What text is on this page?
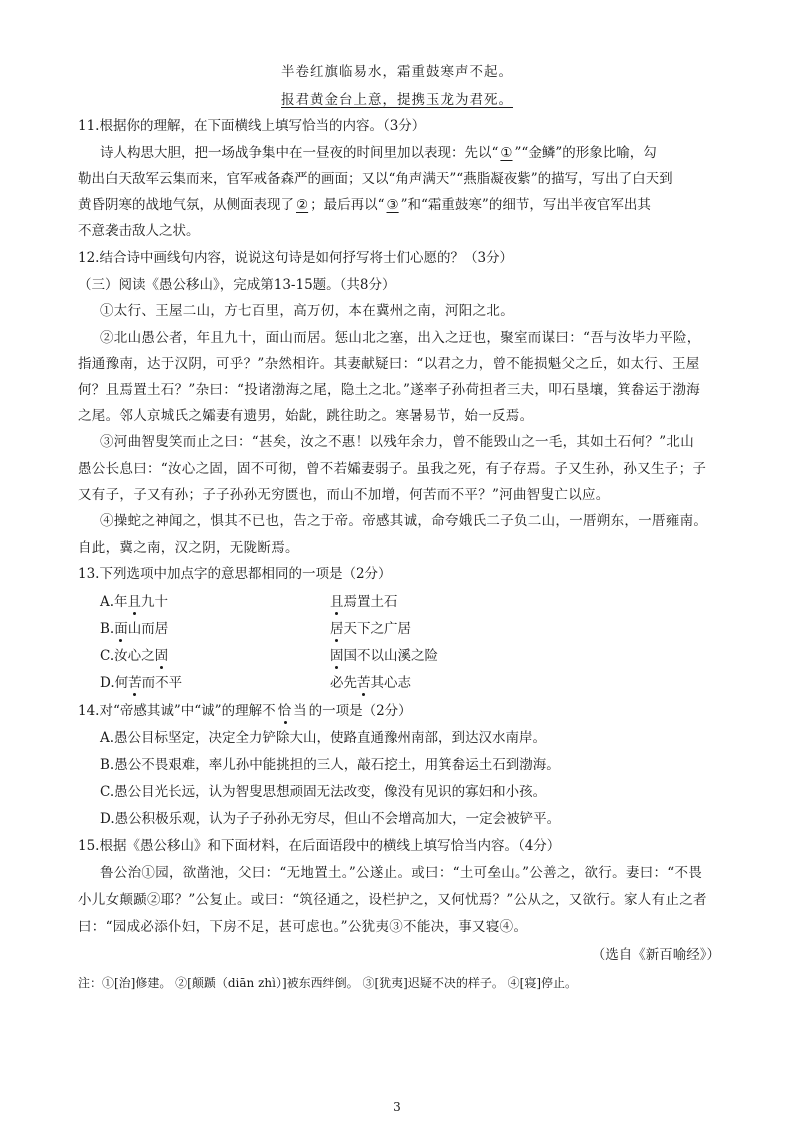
半卷红旗临易水，霜重鼓寒声不起。
报君黄金台上意，提携玉龙为君死。
11.根据你的理解，在下面横线上填写恰当的内容。（3分）
诗人构思大胆，把一场战争集中在一昼夜的时间里加以表现：先以“①”“金鳞”的形象比喻，勾
勒出白天敌军云集而来，官军戒备森严的画面；又以“角声满天”“燕脂凝夜紫”的描写，写出了白天到
黄昏阴寒的战地气氛，从侧面表现了②；最后再以“③”和“霜重鼓寒”的细节，写出半夜官军出其
不意袭击敌人之状。
12.结合诗中画线句内容，说说这句诗是如何抒写将士们心愿的？（3分）
（三）阅读《愚公移山》，完成第13-15题。（共8分）
①太行、王屋二山，方七百里，高万仞，本在冀州之南，河阳之北。
②北山愚公者，年且九十，面山而居。惩山北之塞，出入之迂也，聚室而谋曰：“吾与汝毕力平险，
指通豫南，达于汉阴，可乎？”杂然相许。其妻献疑曰：“以君之力，曾不能损魁父之丘，如太行、王屋
何？且焉置土石？”杂曰：“投诸渤海之尾，隐土之北。”遂率子孙荷担者三夫，叩石垦壤，箕畚运于渤海
之尾。邻人京城氏之孀妻有遗男，始龀，跳往助之。寒暑易节，始一反焉。
③河曲智叟笑而止之曰：“甚矣，汝之不惠！以残年余力，曾不能毁山之一毛，其如土石何？”北山
愚公长息曰：“汝心之固，固不可彻，曾不若孀妻弱子。虽我之死，有子存焉。子又生孙，孙又生子；子
又有子，子又有孙；子子孙孙无穷匮也，而山不加增，何苦而不平？”河曲智叟亡以应。
④操蛇之神闻之，惧其不已也，告之于帝。帝感其诚，命夸娥氏二子负二山，一厝朔东，一厝雍南。
自此，冀之南，汉之阴，无陇断焉。
13.下列选项中加点字的意思都相同的一项是（2分）
A.年且九十	且焉置土石
B.面山而居	居天下之广居
C.汝心之固	固国不以山溪之险
D.何苦而不平	必先苦其心志
14.对“帝感其诚”中“诚”的理解不恰当的一项是（2分）
A.愚公目标坚定，决定全力铲除大山，使路直通豫州南部，到达汉水南岸。
B.愚公不畏艰难，率儿孙中能挑担的三人，敲石挖土，用箕畚运土石到渤海。
C.愚公目光长远，认为智叟思想顽固无法改变，像没有见识的寡妇和小孩。
D.愚公积极乐观，认为子子孙孙无穷尽，但山不会增高加大，一定会被铲平。
15.根据《愚公移山》和下面材料，在后面语段中的横线上填写恰当内容。（4分）
鲁公治①园，欲凿池，父曰：“无地置土。”公遂止。或曰：“土可垒山。”公善之，欲行。妻曰：“不畏
小儿女颠踬②耶？”公复止。或曰：“筑径通之，设栏护之，又何忧焉？”公从之，又欲行。家人有止之者
曰：“园成必添仆妇，下房不足，甚可虑也。”公犹夷③不能决，事又寝④。
（选自《新百喻经》）
注：①[治]修建。 ②[颠踬（diān zhì）]被东西绊倒。 ③[犹夷]迟疑不决的样子。 ④[寝]停止。
3
